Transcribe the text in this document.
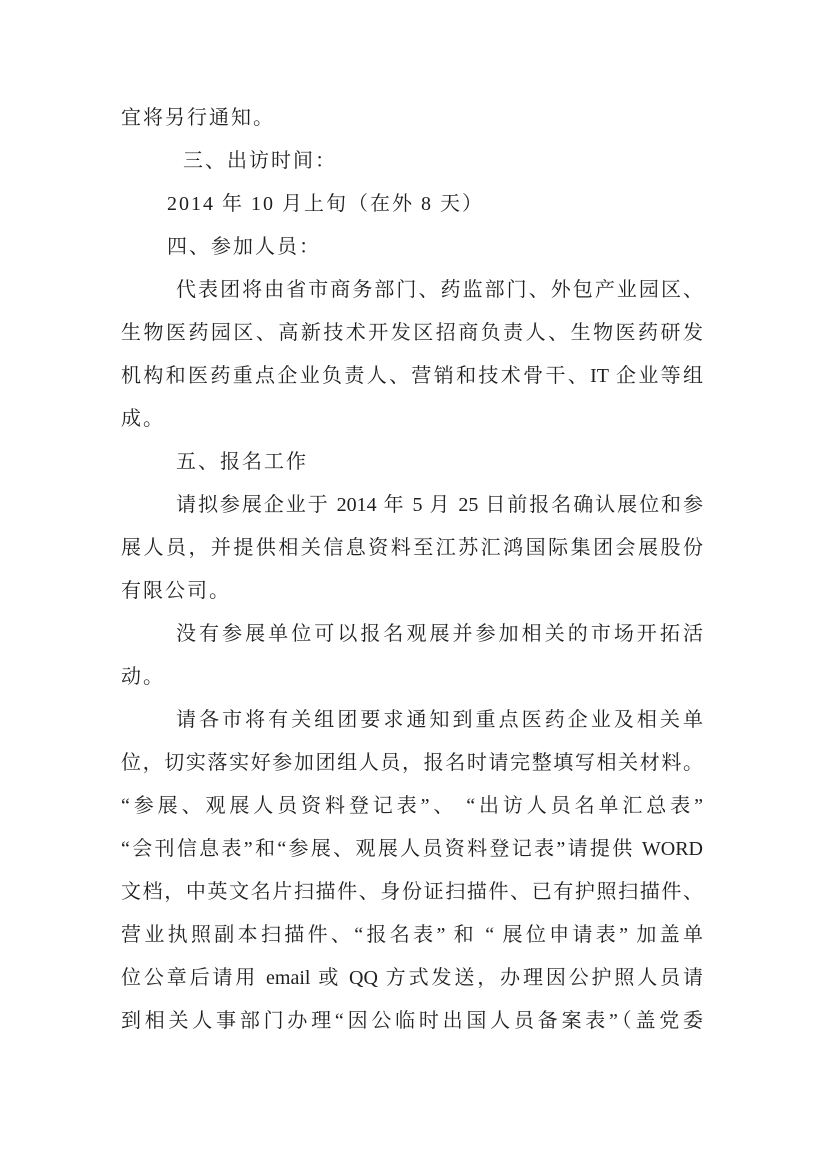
宜将另行通知。
三、出访时间：
2014 年 10 月上旬（在外 8 天）
四、参加人员：
代表团将由省市商务部门、药监部门、外包产业园区、
生物医药园区、高新技术开发区招商负责人、生物医药研发
机构和医药重点企业负责人、营销和技术骨干、IT 企业等组
成。
五、报名工作
请拟参展企业于 2014 年 5 月 25 日前报名确认展位和参
展人员，并提供相关信息资料至江苏汇鸿国际集团会展股份
有限公司。
没有参展单位可以报名观展并参加相关的市场开拓活
动。
请各市将有关组团要求通知到重点医药企业及相关单
位，切实落实好参加团组人员，报名时请完整填写相关材料。
“参展、观展人员资料登记表”、 “出访人员名单汇总表”
“会刊信息表”和“参展、观展人员资料登记表”请提供 WORD
文档，中英文名片扫描件、身份证扫描件、已有护照扫描件、
营业执照副本扫描件、“报名表” 和 “ 展位申请表” 加盖单
位公章后请用 email 或 QQ 方式发送，办理因公护照人员请
到相关人事部门办理“因公临时出国人员备案表”（盖党委
